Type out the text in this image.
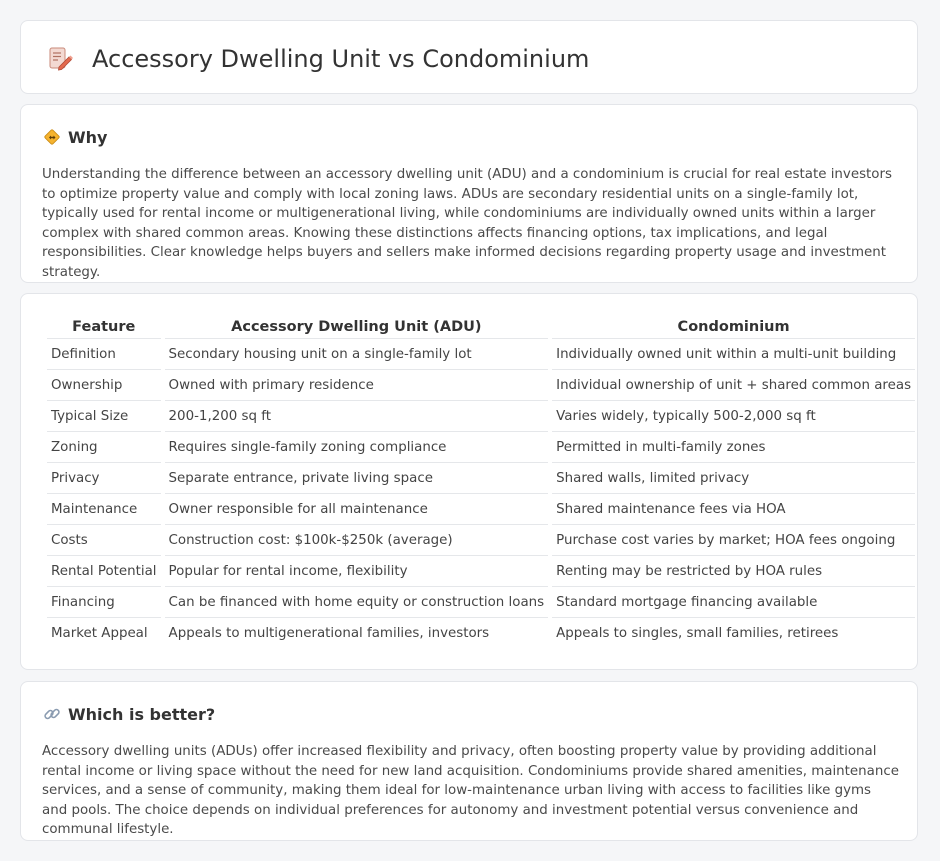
Accessory Dwelling Unit vs Condominium
Why

Understanding the difference between an accessory dwelling unit (ADU) and a condominium is crucial for real estate investors to optimize property value and comply with local zoning laws. ADUs are secondary residential units on a single-family lot, typically used for rental income or multigenerational living, while condominiums are individually owned units within a larger complex with shared common areas. Knowing these distinctions affects financing options, tax implications, and legal responsibilities. Clear knowledge helps buyers and sellers make informed decisions regarding property usage and investment strategy.

Feature	Accessory Dwelling Unit (ADU)	Condominium
Definition	Secondary housing unit on a single-family lot	Individually owned unit within a multi-unit building
Ownership	Owned with primary residence	Individual ownership of unit + shared common areas
Typical Size	200-1,200 sq ft	Varies widely, typically 500-2,000 sq ft
Zoning	Requires single-family zoning compliance	Permitted in multi-family zones
Privacy	Separate entrance, private living space	Shared walls, limited privacy
Maintenance	Owner responsible for all maintenance	Shared maintenance fees via HOA
Costs	Construction cost: $100k-$250k (average)	Purchase cost varies by market; HOA fees ongoing
Rental Potential	Popular for rental income, flexibility	Renting may be restricted by HOA rules
Financing	Can be financed with home equity or construction loans	Standard mortgage financing available
Market Appeal	Appeals to multigenerational families, investors	Appeals to singles, small families, retirees
Which is better?

Accessory dwelling units (ADUs) offer increased flexibility and privacy, often boosting property value by providing additional rental income or living space without the need for new land acquisition. Condominiums provide shared amenities, maintenance services, and a sense of community, making them ideal for low-maintenance urban living with access to facilities like gyms and pools. The choice depends on individual preferences for autonomy and investment potential versus convenience and communal lifestyle.
